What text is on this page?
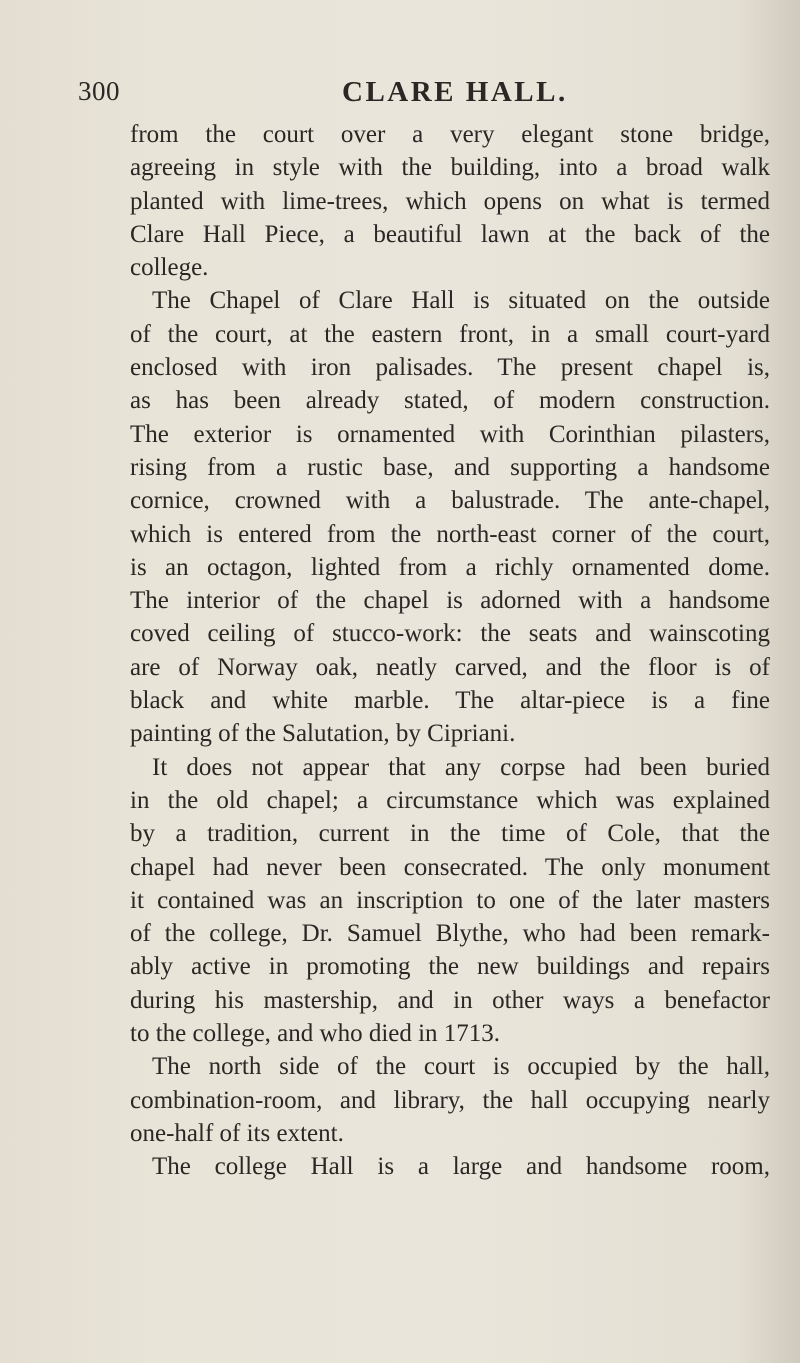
300	CLARE HALL.
from the court over a very elegant stone bridge,
agreeing in style with the building, into a broad walk
planted with lime-trees, which opens on what is termed
Clare Hall Piece, a beautiful lawn at the back of the
college.
The Chapel of Clare Hall is situated on the outside
of the court, at the eastern front, in a small court-yard
enclosed with iron palisades. The present chapel is,
as has been already stated, of modern construction.
The exterior is ornamented with Corinthian pilasters,
rising from a rustic base, and supporting a handsome
cornice, crowned with a balustrade. The ante-chapel,
which is entered from the north-east corner of the court,
is an octagon, lighted from a richly ornamented dome.
The interior of the chapel is adorned with a handsome
coved ceiling of stucco-work: the seats and wainscoting
are of Norway oak, neatly carved, and the floor is of
black and white marble. The altar-piece is a fine
painting of the Salutation, by Cipriani.
It does not appear that any corpse had been buried
in the old chapel; a circumstance which was explained
by a tradition, current in the time of Cole, that the
chapel had never been consecrated. The only monument
it contained was an inscription to one of the later masters
of the college, Dr. Samuel Blythe, who had been remark-
ably active in promoting the new buildings and repairs
during his mastership, and in other ways a benefactor
to the college, and who died in 1713.
The north side of the court is occupied by the hall,
combination-room, and library, the hall occupying nearly
one-half of its extent.
The college Hall is a large and handsome room,
